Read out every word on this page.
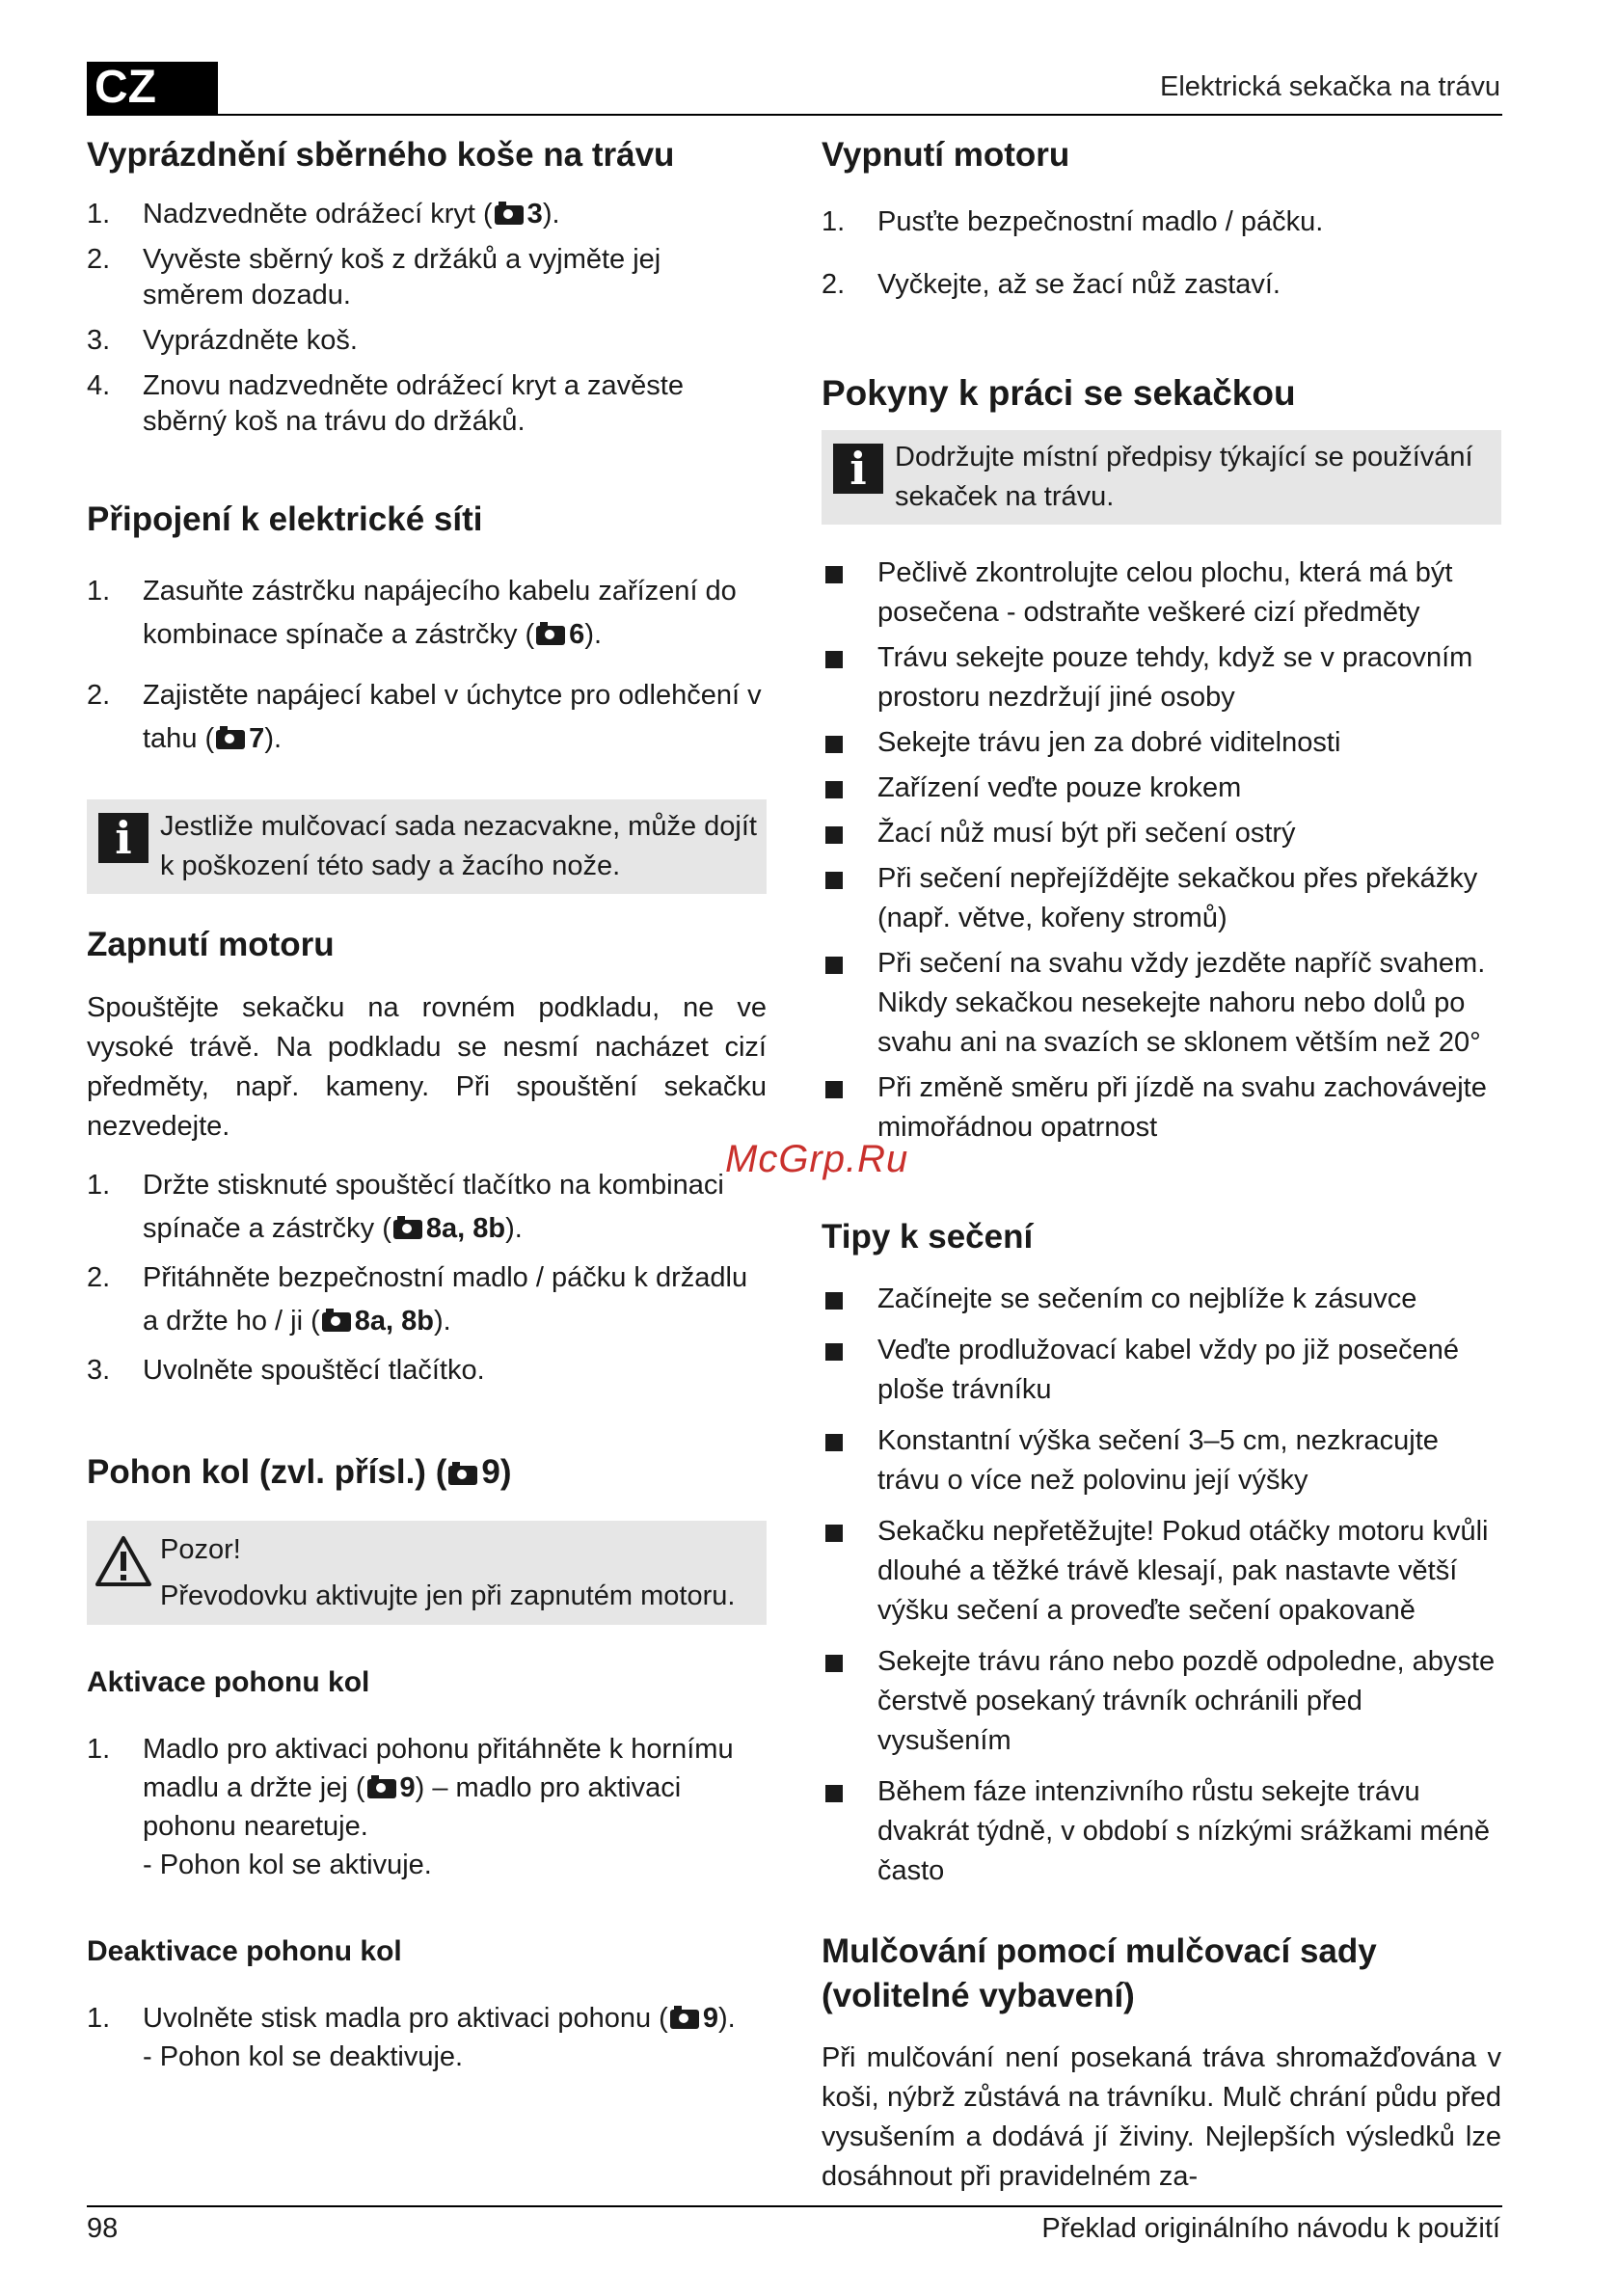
CZ	Elektrická sekačka na trávu
Vyprázdnění sběrného koše na trávu
1. Nadzvedněte odrážecí kryt ( 3).
2. Vyvěste sběrný koš z držáků a vyjměte jej směrem dozadu.
3. Vyprázdněte koš.
4. Znovu nadzvedněte odrážecí kryt a zavěste sběrný koš na trávu do držáků.
Připojení k elektrické síti
1. Zasuňte zástrčku napájecího kabelu zařízení do kombinace spínače a zástrčky ( 6).
2. Zajistěte napájecí kabel v úchytce pro odlehčení v tahu ( 7).
i	Jestliže mulčovací sada nezacvakne, může dojít k poškození této sady a žacího nože.
Zapnutí motoru
Spouštějte sekačku na rovném podkladu, ne ve vysoké trávě. Na podkladu se nesmí nacházet cizí předměty, např. kameny. Při spouštění sekačku nezvedejte.
1. Držte stisknuté spouštěcí tlačítko na kombinaci spínače a zástrčky ( 8a, 8b).
2. Přitáhněte bezpečnostní madlo / páčku k držadlu a držte ho / ji ( 8a, 8b).
3. Uvolněte spouštěcí tlačítko.
Pohon kol (zvl. přísl.) ( 9)
Pozor!
Převodovku aktivujte jen při zapnutém motoru.
Aktivace pohonu kol
1. Madlo pro aktivaci pohonu přitáhněte k hornímu madlu a držte jej ( 9) – madlo pro aktivaci pohonu nearetuje.
- Pohon kol se aktivuje.
Deaktivace pohonu kol
1. Uvolněte stisk madla pro aktivaci pohonu ( 9).
- Pohon kol se deaktivuje.
Vypnutí motoru
1. Pusťte bezpečnostní madlo / páčku.
2. Vyčkejte, až se žací nůž zastaví.
Pokyny k práci se sekačkou
i	Dodržujte místní předpisy týkající se používání sekaček na trávu.
Pečlivě zkontrolujte celou plochu, která má být posečena - odstraňte veškeré cizí předměty
Trávu sekejte pouze tehdy, když se v pracovním prostoru nezdržují jiné osoby
Sekejte trávu jen za dobré viditelnosti
Zařízení veďte pouze krokem
Žací nůž musí být při sečení ostrý
Při sečení nepřejíždějte sekačkou přes překážky (např. větve, kořeny stromů)
Při sečení na svahu vždy jezděte napříč svahem. Nikdy sekačkou nesekejte nahoru nebo dolů po svahu ani na svazích se sklonem větším než 20°
Při změně směru při jízdě na svahu zachovávejte mimořádnou opatrnost
Tipy k sečení
Začínejte se sečením co nejblíže k zásuvce
Veďte prodlužovací kabel vždy po již posečené ploše trávníku
Konstantní výška sečení 3–5 cm, nezkracujte trávu o více než polovinu její výšky
Sekačku nepřetěžujte! Pokud otáčky motoru kvůli dlouhé a těžké trávě klesají, pak nastavte větší výšku sečení a proveďte sečení opakovaně
Sekejte trávu ráno nebo pozdě odpoledne, abyste čerstvě posekaný trávník ochránili před vysušením
Během fáze intenzivního růstu sekejte trávu dvakrát týdně, v období s nízkými srážkami méně často
Mulčování pomocí mulčovací sady (volitelné vybavení)
Při mulčování není posekaná tráva shromažďována v koši, nýbrž zůstává na trávníku. Mulč chrání půdu před vysušením a dodává jí živiny. Nejlepších výsledků lze dosáhnout při pravidelném za-
McGrp.Ru
98	Překlad originálního návodu k použití
